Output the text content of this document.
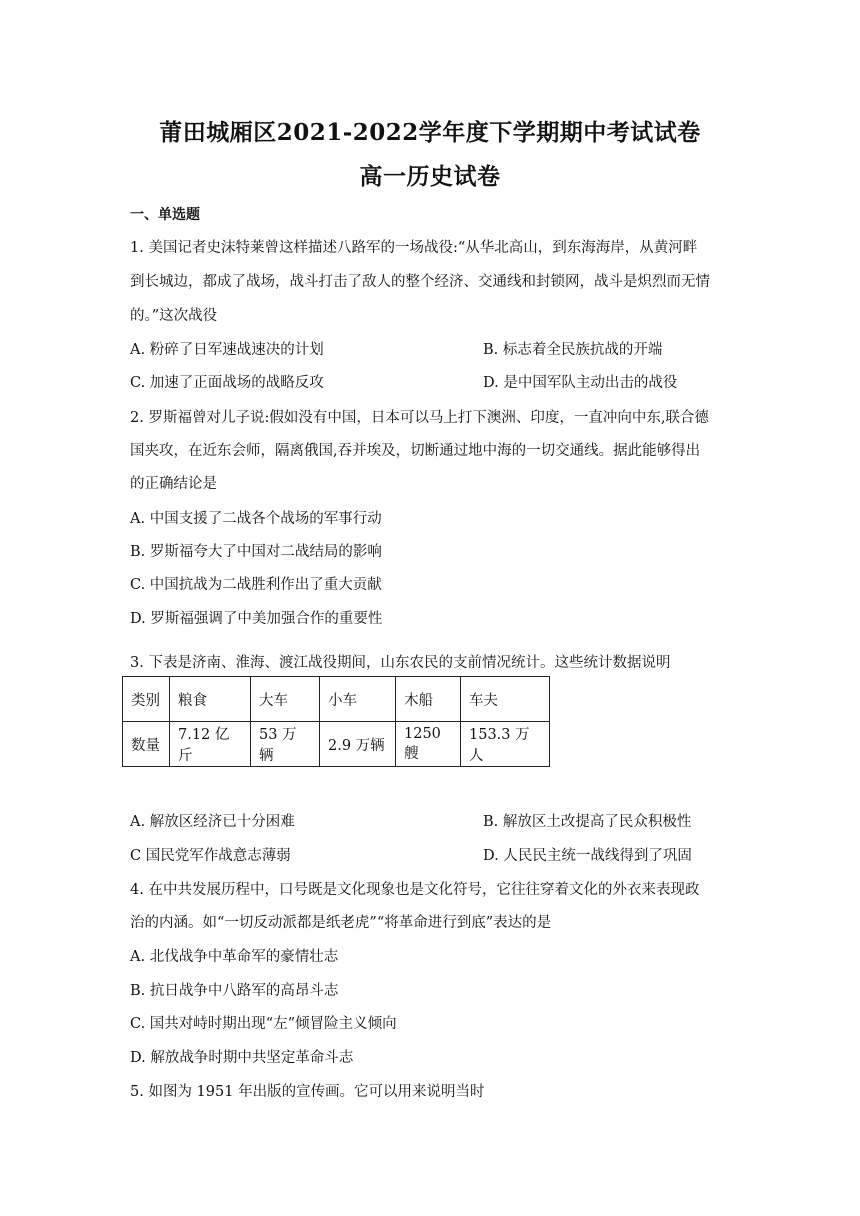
莆田城厢区2021-2022学年度下学期期中考试试卷
高一历史试卷
一、单选题
1. 美国记者史沫特莱曾这样描述八路军的一场战役:“从华北高山，到东海海岸，从黄河畔
到长城边，都成了战场，战斗打击了敌人的整个经济、交通线和封锁网，战斗是炽烈而无情
的。”这次战役
A. 粉碎了日军速战速决的计划	B. 标志着全民族抗战的开端
C. 加速了正面战场的战略反攻	D. 是中国军队主动出击的战役
2. 罗斯福曾对儿子说:假如没有中国，日本可以马上打下澳洲、印度，一直冲向中东,联合德
国夹攻，在近东会师，隔离俄国,吞并埃及，切断通过地中海的一切交通线。据此能够得出
的正确结论是
A. 中国支援了二战各个战场的军事行动
B. 罗斯福夸大了中国对二战结局的影响
C. 中国抗战为二战胜利作出了重大贡献
D. 罗斯福强调了中美加强合作的重要性
3. 下表是济南、淮海、渡江战役期间，山东农民的支前情况统计。这些统计数据说明
类别	粮食	大车	小车	木船	车夫
数量	7.12 亿斤	53 万辆	2.9 万辆	1250 艘	153.3 万人
A. 解放区经济已十分困难	B. 解放区土改提高了民众积极性
C 国民党军作战意志薄弱	D. 人民民主统一战线得到了巩固
4. 在中共发展历程中，口号既是文化现象也是文化符号，它往往穿着文化的外衣来表现政
治的内涵。如“一切反动派都是纸老虎”“将革命进行到底”表达的是
A. 北伐战争中革命军的豪情壮志
B. 抗日战争中八路军的高昂斗志
C. 国共对峙时期出现“左”倾冒险主义倾向
D. 解放战争时期中共坚定革命斗志
5. 如图为 1951 年出版的宣传画。它可以用来说明当时
